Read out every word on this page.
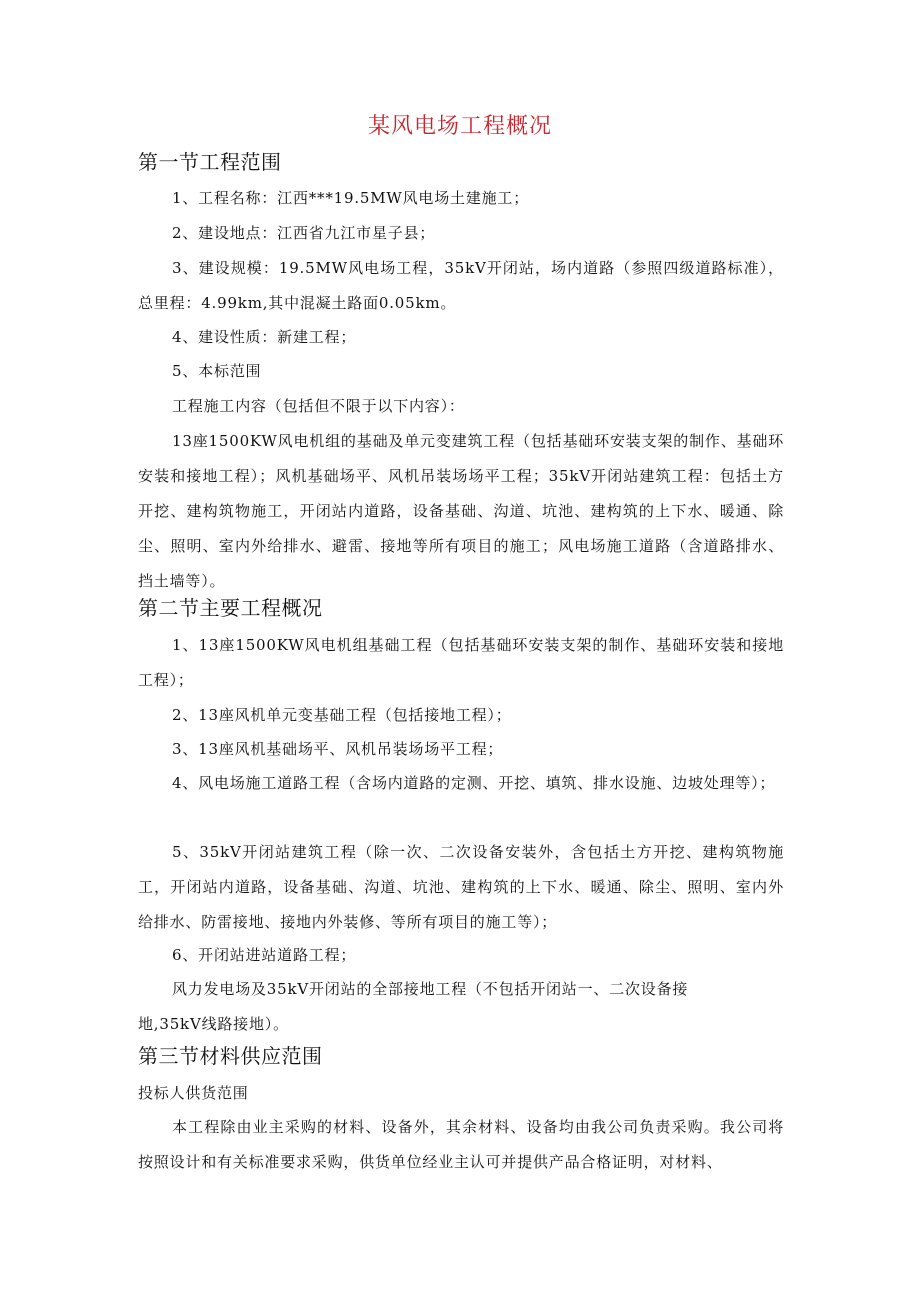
某风电场工程概况
第一节工程范围
1、工程名称：江西***19.5MW风电场土建施工；
2、建设地点：江西省九江市星子县；
3、建设规模：19.5MW风电场工程，35kV开闭站，场内道路（参照四级道路标准），总里程：4.99km,其中混凝土路面0.05km。
4、建设性质：新建工程；
5、本标范围
工程施工内容（包括但不限于以下内容）：
13座1500KW风电机组的基础及单元变建筑工程（包括基础环安装支架的制作、基础环安装和接地工程）；风机基础场平、风机吊装场场平工程；35kV开闭站建筑工程：包括土方开挖、建构筑物施工，开闭站内道路，设备基础、沟道、坑池、建构筑的上下水、暖通、除尘、照明、室内外给排水、避雷、接地等所有项目的施工；风电场施工道路（含道路排水、挡土墙等）。
第二节主要工程概况
1、13座1500KW风电机组基础工程（包括基础环安装支架的制作、基础环安装和接地工程）；
2、13座风机单元变基础工程（包括接地工程）；
3、13座风机基础场平、风机吊装场场平工程；
4、风电场施工道路工程（含场内道路的定测、开挖、填筑、排水设施、边坡处理等）；
5、35kV开闭站建筑工程（除一次、二次设备安装外，含包括土方开挖、建构筑物施工，开闭站内道路，设备基础、沟道、坑池、建构筑的上下水、暖通、除尘、照明、室内外给排水、防雷接地、接地内外装修、等所有项目的施工等）；
6、开闭站进站道路工程；
风力发电场及35kV开闭站的全部接地工程（不包括开闭站一、二次设备接地,35kV线路接地）。
第三节材料供应范围
投标人供货范围
本工程除由业主采购的材料、设备外，其余材料、设备均由我公司负责采购。我公司将按照设计和有关标准要求采购，供货单位经业主认可并提供产品合格证明，对材料、
